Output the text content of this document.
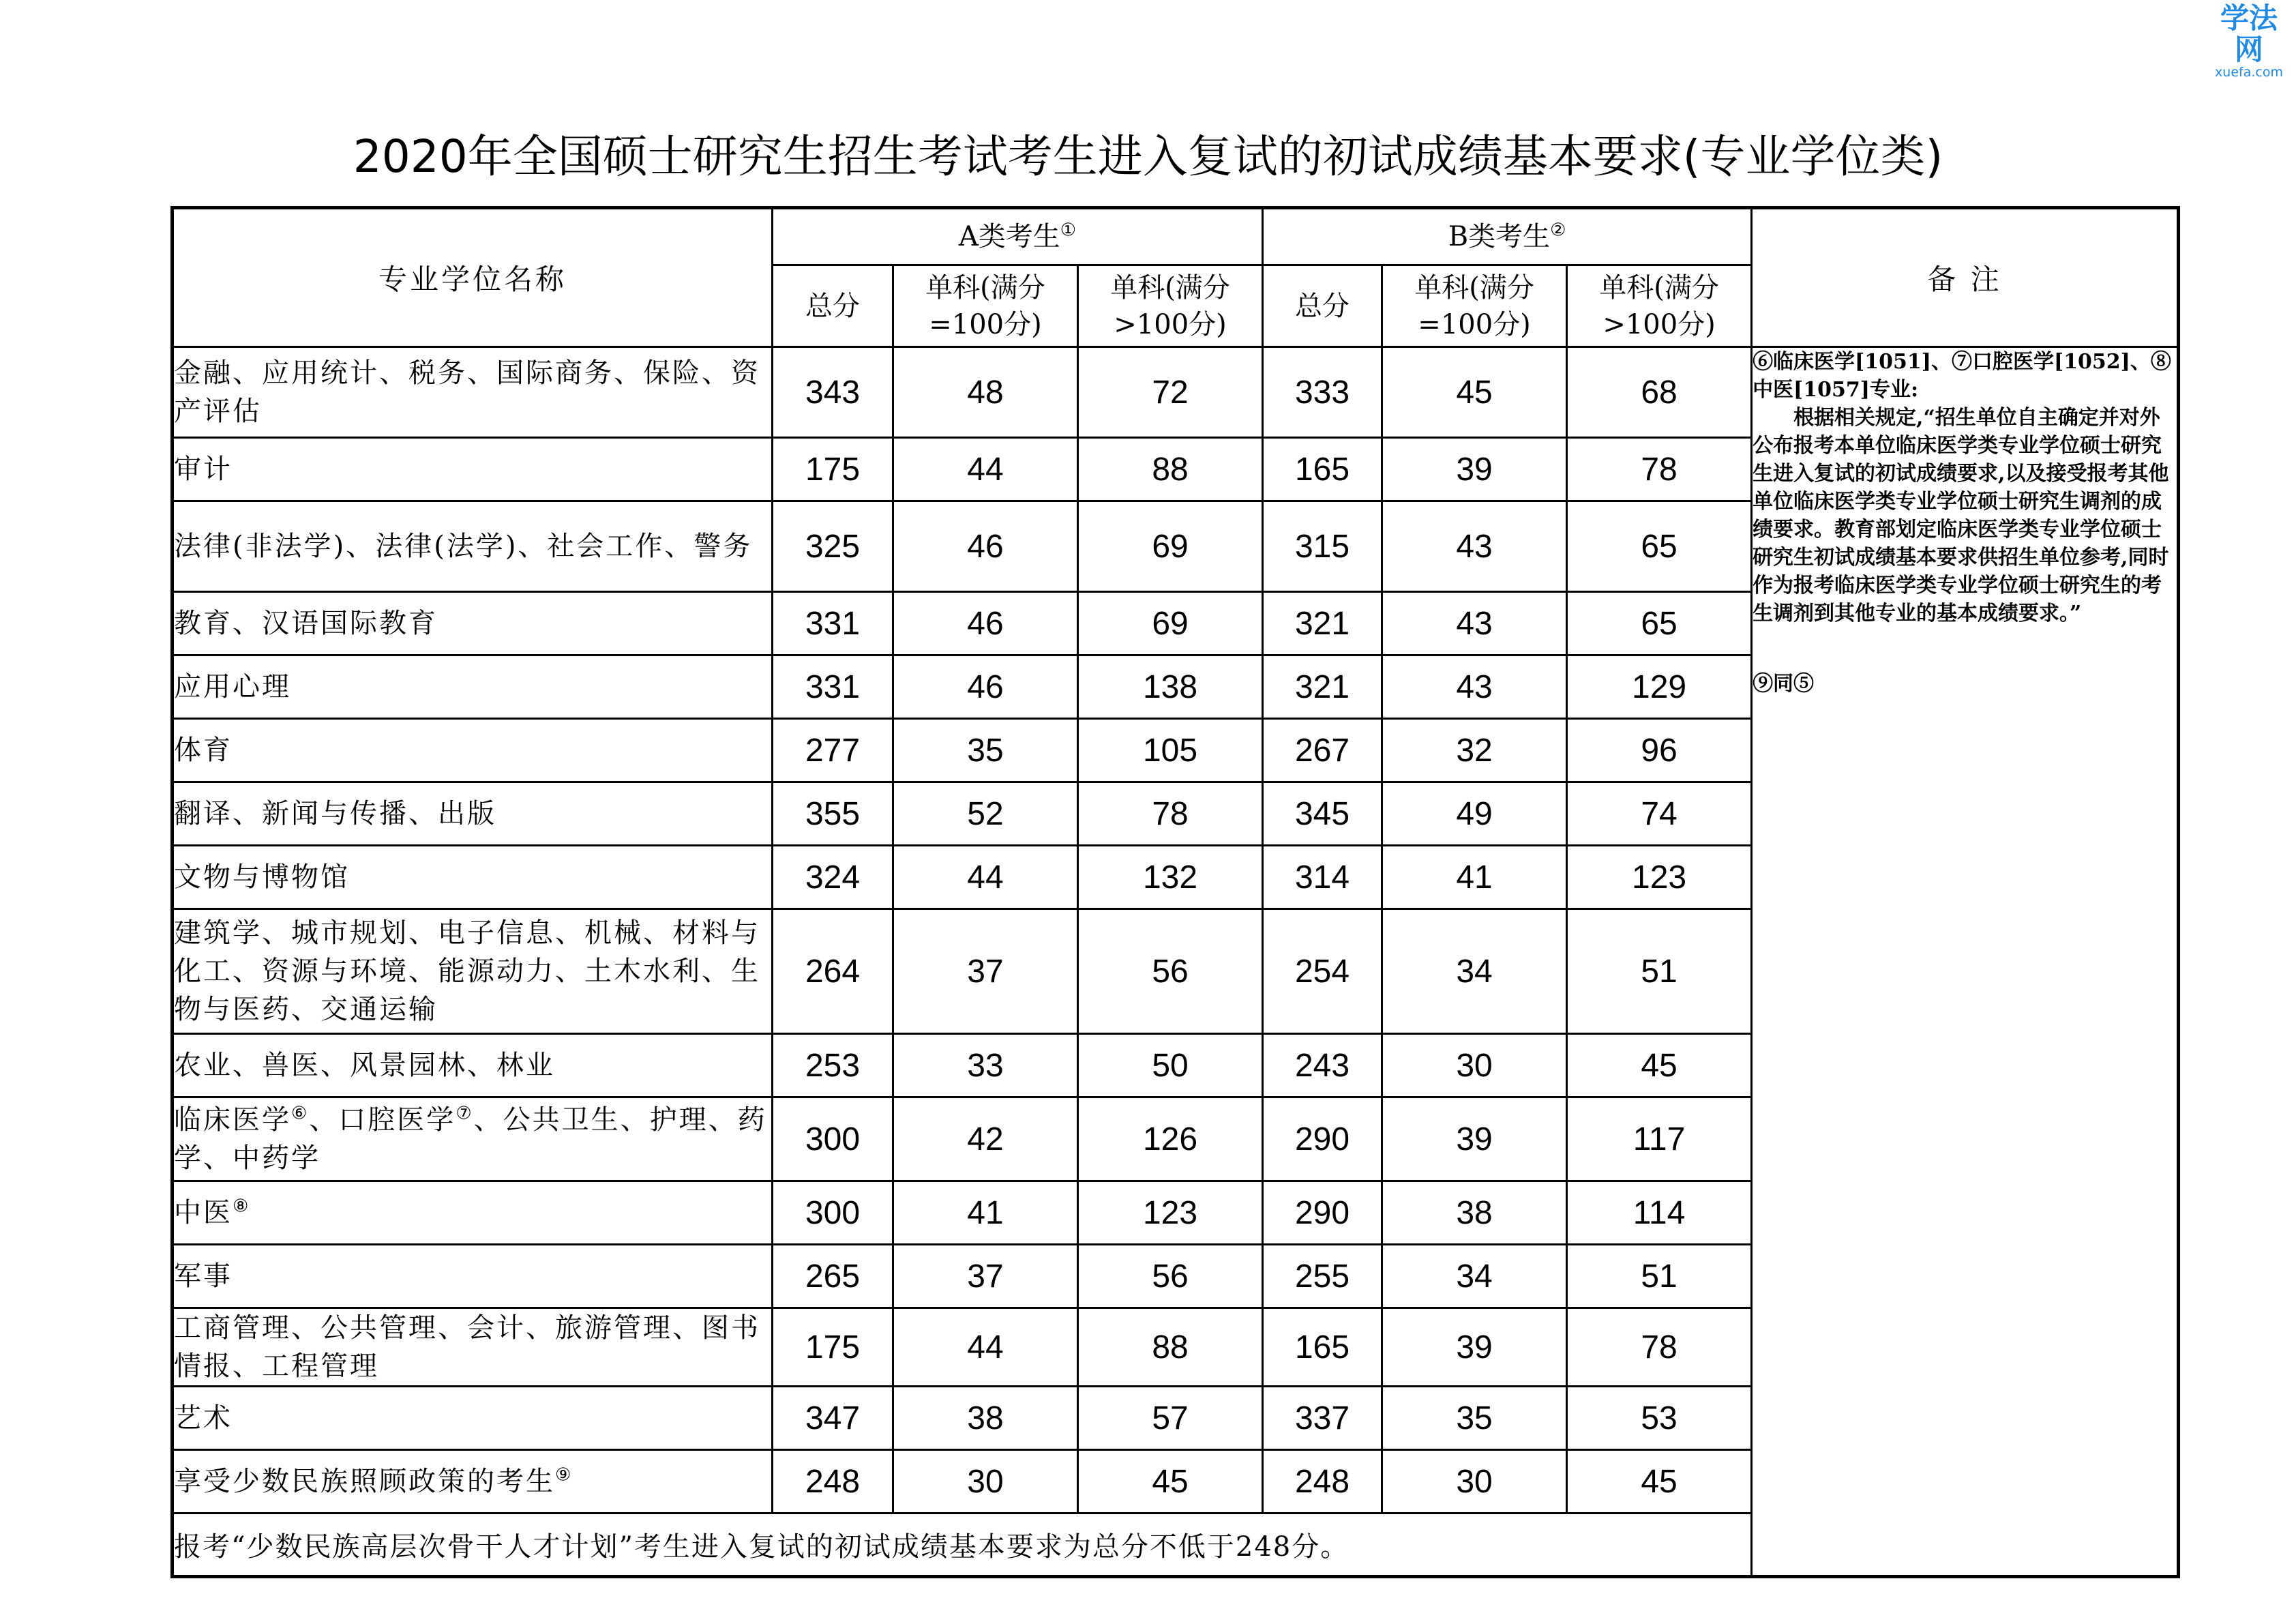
学法网
xuefa.com
2020年全国硕士研究生招生考试考生进入复试的初试成绩基本要求(专业学位类)
专业学位名称	A类考生①			B类考生②			备 注
	总分	单科(满分=100分)	单科(满分>100分)	总分	单科(满分=100分)	单科(满分>100分)	
金融、应用统计、税务、国际商务、保险、资产评估	343	48	72	333	45	68	⑥临床医学[1051]、⑦口腔医学[1052]、⑧中医[1057]专业:

根据相关规定,“招生单位自主确定并对外公布报考本单位临床医学类专业学位硕士研究生进入复试的初试成绩要求,以及接受报考其他单位临床医学类专业学位硕士研究生调剂的成绩要求。教育部划定临床医学类专业学位硕士研究生初试成绩基本要求供招生单位参考,同时作为报考临床医学类专业学位硕士研究生的考生调剂到其他专业的基本成绩要求。”

⑨同⑤

审计	175	44	88	165	39	78	
法律(非法学)、法律(法学)、社会工作、警务	325	46	69	315	43	65	
教育、汉语国际教育	331	46	69	321	43	65	
应用心理	331	46	138	321	43	129	
体育	277	35	105	267	32	96	
翻译、新闻与传播、出版	355	52	78	345	49	74	
文物与博物馆	324	44	132	314	41	123	
建筑学、城市规划、电子信息、机械、材料与化工、资源与环境、能源动力、土木水利、生物与医药、交通运输	264	37	56	254	34	51	
农业、兽医、风景园林、林业	253	33	50	243	30	45	
临床医学⑥、口腔医学⑦、公共卫生、护理、药学、中药学	300	42	126	290	39	117	
中医⑧	300	41	123	290	38	114	
军事	265	37	56	255	34	51	
工商管理、公共管理、会计、旅游管理、图书情报、工程管理	175	44	88	165	39	78	
艺术	347	38	57	337	35	53	
享受少数民族照顾政策的考生⑨	248	30	45	248	30	45	
报考“少数民族高层次骨干人才计划”考生进入复试的初试成绩基本要求为总分不低于248分。							
